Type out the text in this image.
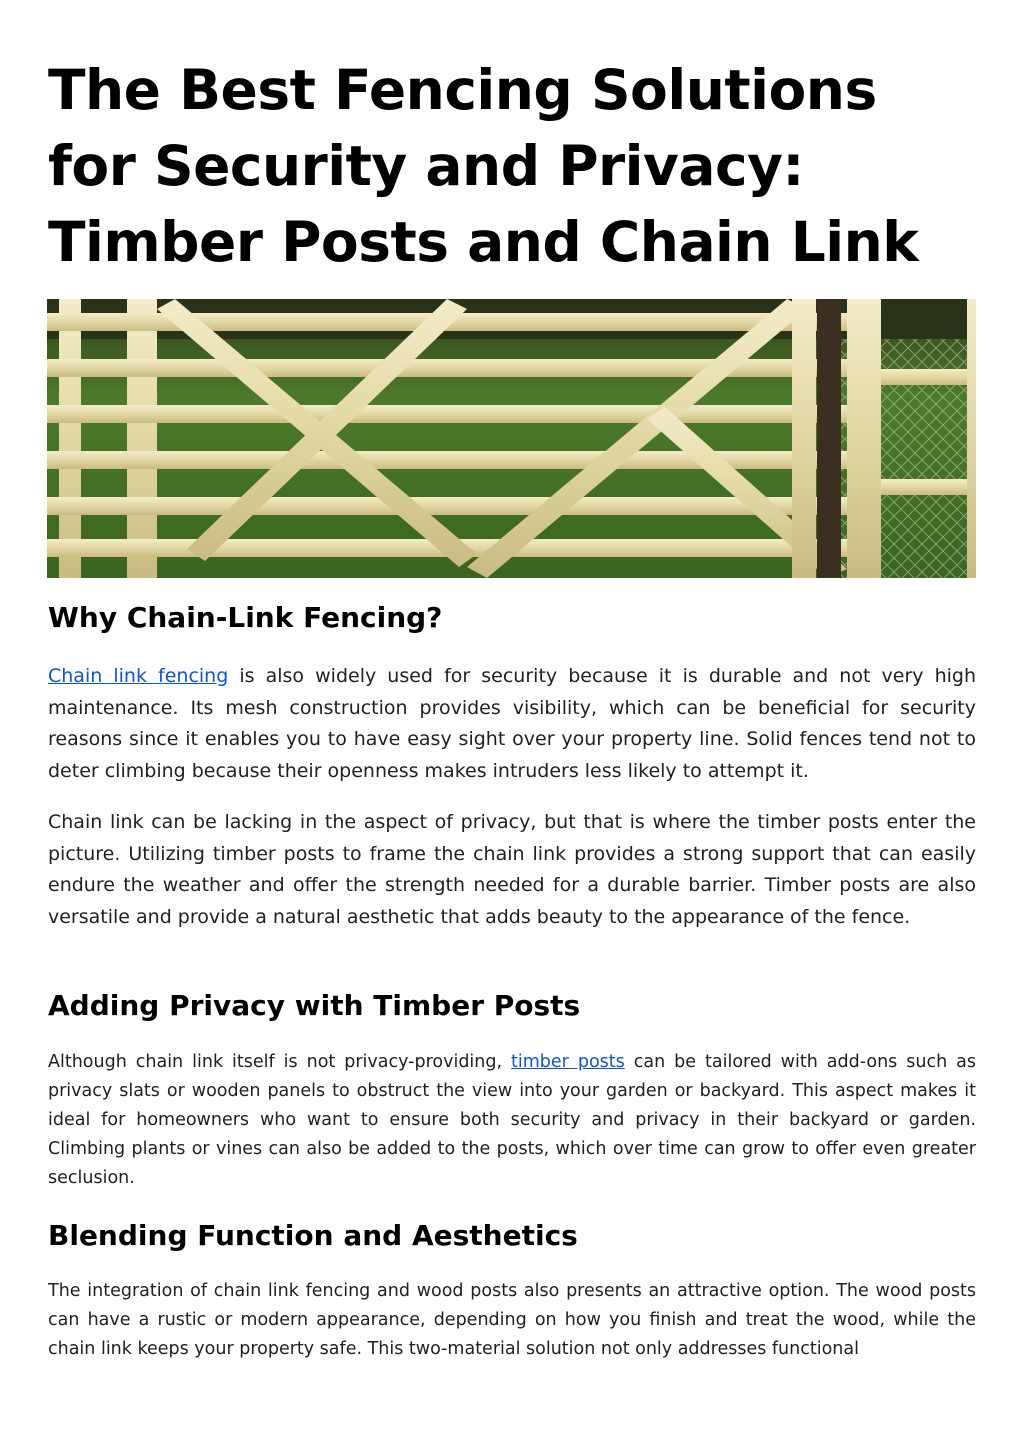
The Best Fencing Solutions for Security and Privacy: Timber Posts and Chain Link
Why Chain-Link Fencing?

Chain link fencing is also widely used for security because it is durable and not very high maintenance. Its mesh construction provides visibility, which can be beneficial for security reasons since it enables you to have easy sight over your property line. Solid fences tend not to deter climbing because their openness makes intruders less likely to attempt it.

Chain link can be lacking in the aspect of privacy, but that is where the timber posts enter the picture. Utilizing timber posts to frame the chain link provides a strong support that can easily endure the weather and offer the strength needed for a durable barrier. Timber posts are also versatile and provide a natural aesthetic that adds beauty to the appearance of the fence.

Adding Privacy with Timber Posts

Although chain link itself is not privacy-providing, timber posts can be tailored with add-ons such as privacy slats or wooden panels to obstruct the view into your garden or backyard. This aspect makes it ideal for homeowners who want to ensure both security and privacy in their backyard or garden. Climbing plants or vines can also be added to the posts, which over time can grow to offer even greater seclusion.

Blending Function and Aesthetics

The integration of chain link fencing and wood posts also presents an attractive option. The wood posts can have a rustic or modern appearance, depending on how you finish and treat the wood, while the chain link keeps your property safe. This two-material solution not only addresses functional
